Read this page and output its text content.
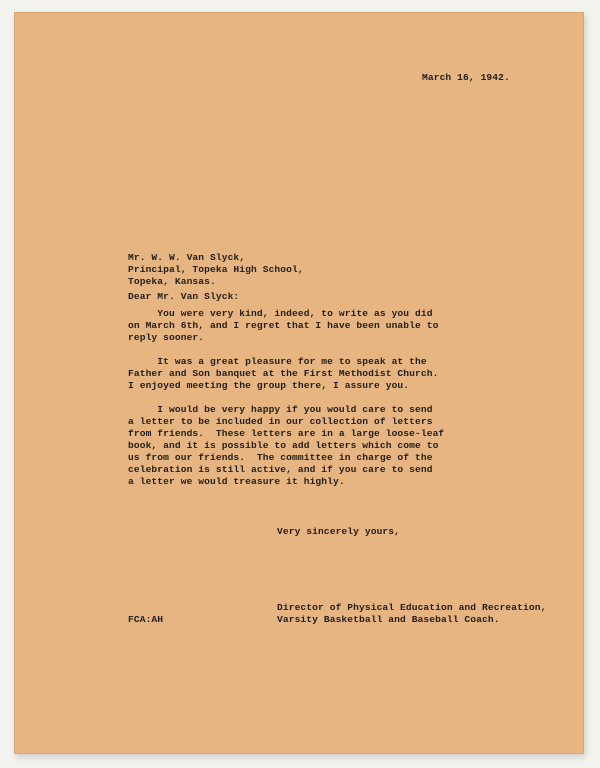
March 16, 1942.
Mr. W. W. Van Slyck,
Principal, Topeka High School,
Topeka, Kansas.
Dear Mr. Van Slyck:
You were very kind, indeed, to write as you did
on March 6th, and I regret that I have been unable to
reply sooner.
It was a great pleasure for me to speak at the
Father and Son banquet at the First Methodist Church.
I enjoyed meeting the group there, I assure you.
I would be very happy if you would care to send
a letter to be included in our collection of letters
from friends.  These letters are in a large loose-leaf
book, and it is possible to add letters which come to
us from our friends.  The committee in charge of the
celebration is still active, and if you care to send
a letter we would treasure it highly.
Very sincerely yours,
Director of Physical Education and Recreation,
Varsity Basketball and Baseball Coach.
FCA:AH
